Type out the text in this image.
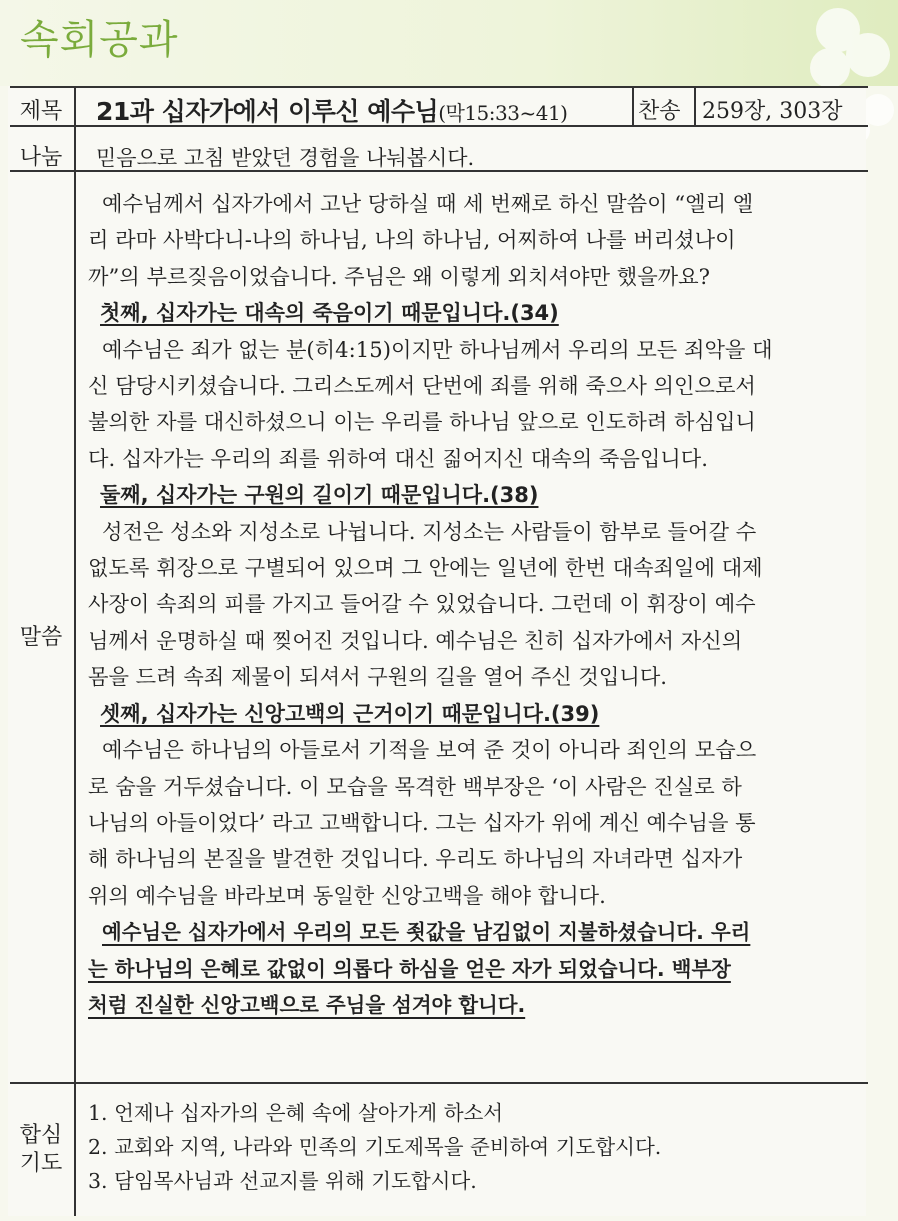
속회공과
제목
나눔
말씀
합심
기도
21과 십자가에서 이루신 예수님(막15:33~41)	찬송 259장, 303장
믿음으로 고침 받았던 경험을 나눠봅시다.

예수님께서 십자가에서 고난 당하실 때 세 번째로 하신 말씀이 “엘리 엘

리 라마 사박다니-나의 하나님, 나의 하나님, 어찌하여 나를 버리셨나이

까”의 부르짖음이었습니다. 주님은 왜 이렇게 외치셔야만 했을까요?

첫째, 십자가는 대속의 죽음이기 때문입니다.(34)

예수님은 죄가 없는 분(히4:15)이지만 하나님께서 우리의 모든 죄악을 대

신 담당시키셨습니다. 그리스도께서 단번에 죄를 위해 죽으사 의인으로서

불의한 자를 대신하셨으니 이는 우리를 하나님 앞으로 인도하려 하심입니

다. 십자가는 우리의 죄를 위하여 대신 짊어지신 대속의 죽음입니다.

둘째, 십자가는 구원의 길이기 때문입니다.(38)

성전은 성소와 지성소로 나뉩니다. 지성소는 사람들이 함부로 들어갈 수

없도록 휘장으로 구별되어 있으며 그 안에는 일년에 한번 대속죄일에 대제

사장이 속죄의 피를 가지고 들어갈 수 있었습니다. 그런데 이 휘장이 예수

님께서 운명하실 때 찢어진 것입니다. 예수님은 친히 십자가에서 자신의

몸을 드려 속죄 제물이 되셔서 구원의 길을 열어 주신 것입니다.

셋째, 십자가는 신앙고백의 근거이기 때문입니다.(39)

예수님은 하나님의 아들로서 기적을 보여 준 것이 아니라 죄인의 모습으

로 숨을 거두셨습니다. 이 모습을 목격한 백부장은 ‘이 사람은 진실로 하

나님의 아들이었다’ 라고 고백합니다. 그는 십자가 위에 계신 예수님을 통

해 하나님의 본질을 발견한 것입니다. 우리도 하나님의 자녀라면 십자가

위의 예수님을 바라보며 동일한 신앙고백을 해야 합니다.

예수님은 십자가에서 우리의 모든 죗값을 남김없이 지불하셨습니다. 우리

는 하나님의 은혜로 값없이 의롭다 하심을 얻은 자가 되었습니다. 백부장

처럼 진실한 신앙고백으로 주님을 섬겨야 합니다.

1. 언제나 십자가의 은혜 속에 살아가게 하소서

2. 교회와 지역, 나라와 민족의 기도제목을 준비하여 기도합시다.

3. 담임목사님과 선교지를 위해 기도합시다.
